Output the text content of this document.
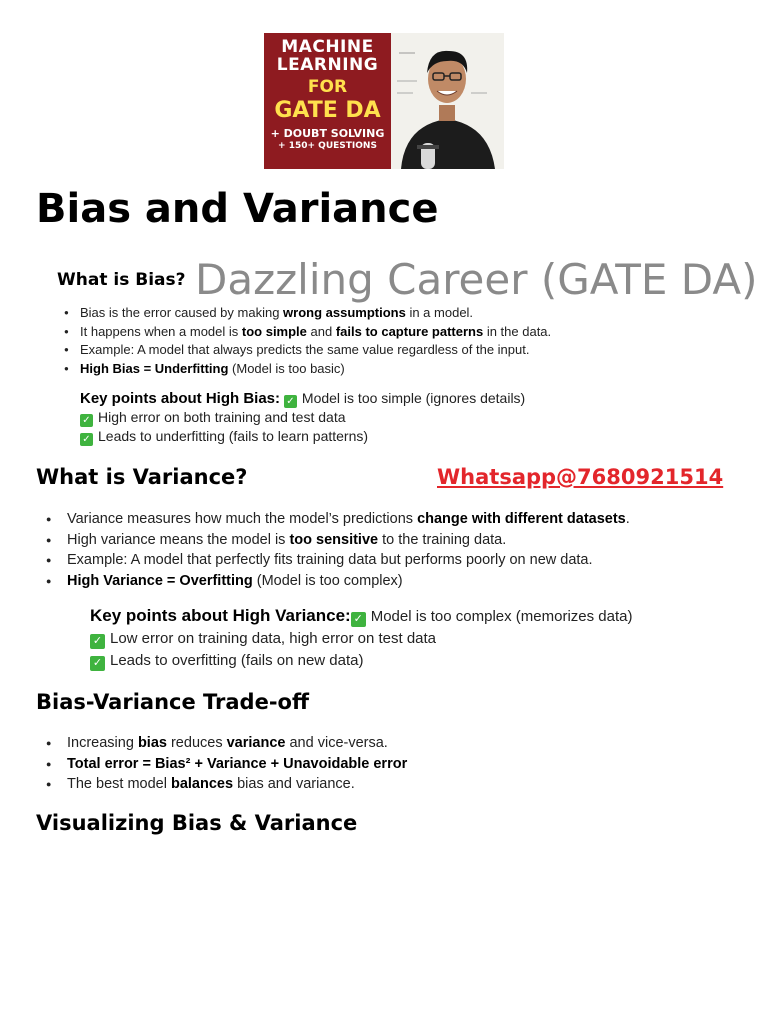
MACHINE
LEARNING
FOR
GATE DA
+ DOUBT SOLVING
+ 150+ QUESTIONS
Bias and Variance
What is Bias? Dazzling Career (GATE DA)
● Bias is the error caused by making wrong assumptions in a model.
● It happens when a model is too simple and fails to capture patterns in the data.
● Example: A model that always predicts the same value regardless of the input.
● High Bias = Underfitting (Model is too basic)
Key points about High Bias: ✓ Model is too simple (ignores details)
✓ High error on both training and test data
✓ Leads to underfitting (fails to learn patterns)
What is Variance?	Whatsapp@7680921514
● Variance measures how much the model’s predictions change with different datasets.
● High variance means the model is too sensitive to the training data.
● Example: A model that perfectly fits training data but performs poorly on new data.
● High Variance = Overfitting (Model is too complex)
Key points about High Variance: ✓ Model is too complex (memorizes data)
✓ Low error on training data, high error on test data
✓ Leads to overfitting (fails on new data)
Bias-Variance Trade-off
● Increasing bias reduces variance and vice-versa.
● Total error = Bias² + Variance + Unavoidable error
● The best model balances bias and variance.
Visualizing Bias & Variance
